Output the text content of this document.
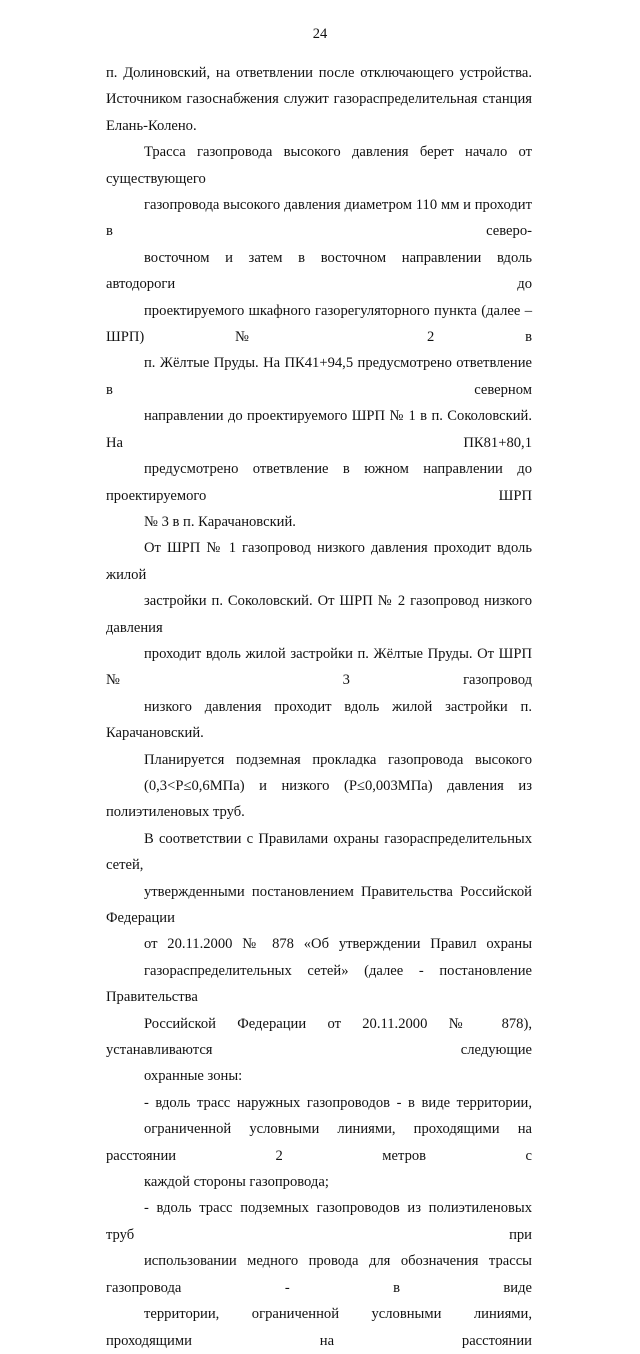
24

п. Долиновский, на ответвлении после отключающего устройства.
Источником газоснабжения служит газораспределительная станция
Елань-Колено.

Трасса газопровода высокого давления берет начало от существующего
газопровода высокого давления диаметром 110 мм и проходит в северо-
восточном и затем в восточном направлении вдоль автодороги до
проектируемого шкафного газорегуляторного пункта (далее – ШРП) № 2 в
п. Жёлтые Пруды. На ПК41+94,5 предусмотрено ответвление в северном
направлении до проектируемого ШРП № 1 в п. Соколовский. На ПК81+80,1
предусмотрено ответвление в южном направлении до проектируемого ШРП
№ 3 в п. Карачановский.

От ШРП № 1 газопровод низкого давления проходит вдоль жилой
застройки п. Соколовский. От ШРП № 2 газопровод низкого давления
проходит вдоль жилой застройки п. Жёлтые Пруды. От ШРП № 3 газопровод
низкого давления проходит вдоль жилой застройки п. Карачановский.

Планируется подземная прокладка газопровода высокого
(0,3<Р≤0,6МПа) и низкого (Р≤0,003МПа) давления из полиэтиленовых труб.

В соответствии с Правилами охраны газораспределительных сетей,
утвержденными постановлением Правительства Российской Федерации
от 20.11.2000 № 878 «Об утверждении Правил охраны
газораспределительных сетей» (далее - постановление Правительства
Российской Федерации от 20.11.2000 № 878), устанавливаются следующие
охранные зоны:

- вдоль трасс наружных газопроводов - в виде территории,
ограниченной условными линиями, проходящими на расстоянии 2 метров с
каждой стороны газопровода;

- вдоль трасс подземных газопроводов из полиэтиленовых труб при
использовании медного провода для обозначения трассы газопровода - в виде
территории, ограниченной условными линиями, проходящими на расстоянии
